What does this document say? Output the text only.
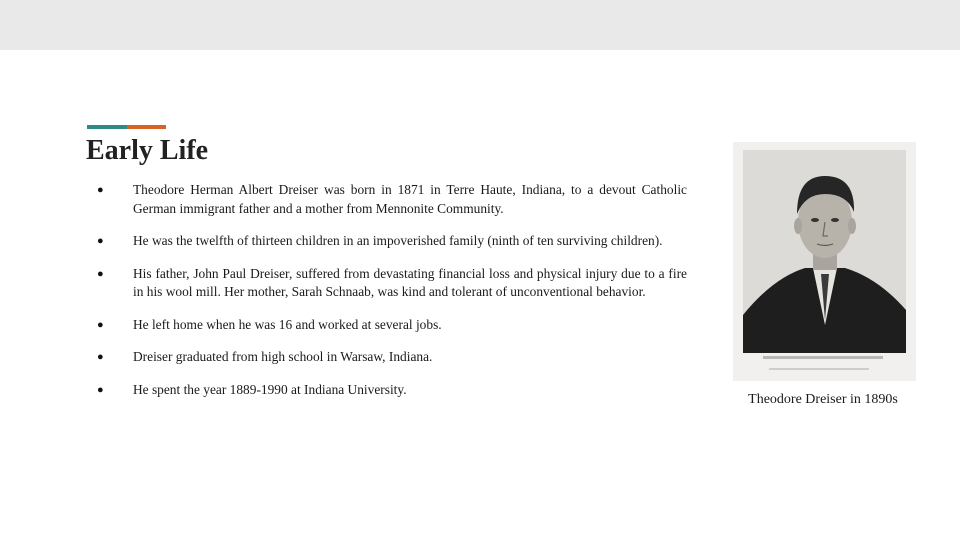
Early Life
●	Theodore Herman Albert Dreiser was born in 1871 in Terre Haute, Indiana, to a devout Catholic German immigrant father and a mother from Mennonite Community.
●	He was the twelfth of thirteen children in an impoverished family (ninth of ten surviving children).
●	His father, John Paul Dreiser, suffered from devastating financial loss and physical injury due to a fire in his wool mill. Her mother, Sarah Schnaab, was kind and tolerant of unconventional behavior.
●	He left home when he was 16 and worked at several jobs.
●	Dreiser graduated from high school in Warsaw, Indiana.
●	He spent the year 1889-1990 at Indiana University.
Theodore Dreiser in 1890s
